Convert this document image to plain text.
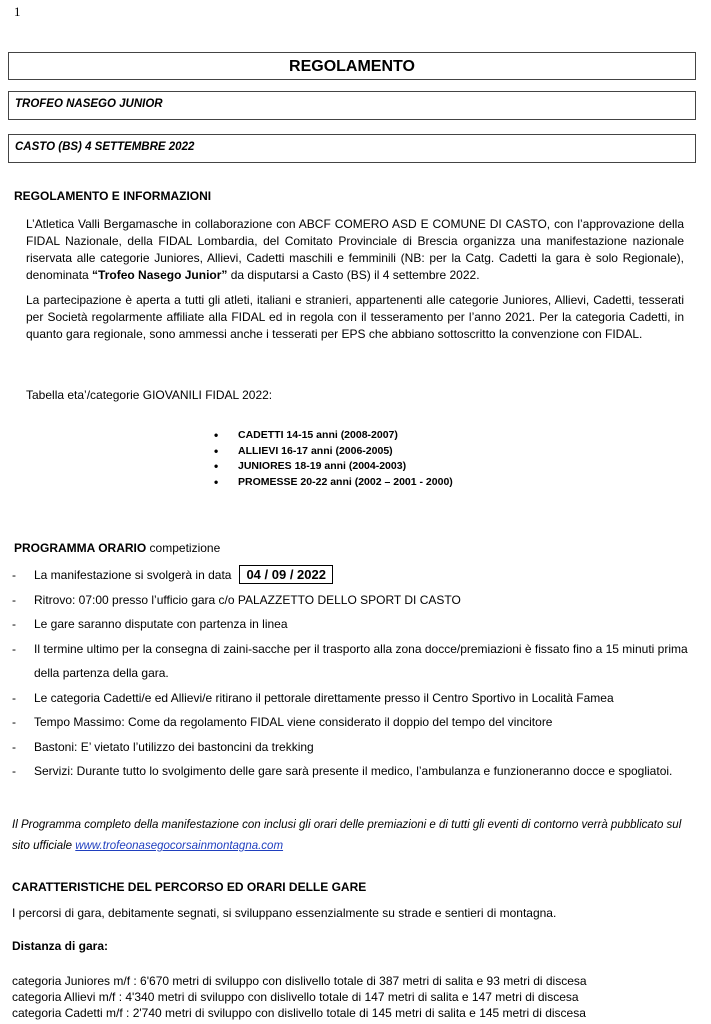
1
REGOLAMENTO
TROFEO NASEGO JUNIOR
CASTO (BS) 4 SETTEMBRE 2022
REGOLAMENTO E INFORMAZIONI
L’Atletica Valli Bergamasche in collaborazione con ABCF COMERO ASD E COMUNE DI CASTO, con l’approvazione della FIDAL Nazionale, della FIDAL Lombardia, del Comitato Provinciale di Brescia organizza una manifestazione nazionale riservata alle categorie Juniores, Allievi, Cadetti maschili e femminili (NB: per la Catg. Cadetti la gara è solo Regionale), denominata “Trofeo Nasego Junior” da disputarsi a Casto (BS) il 4 settembre 2022.
La partecipazione è aperta a tutti gli atleti, italiani e stranieri, appartenenti alle categorie Juniores, Allievi, Cadetti, tesserati per Società regolarmente affiliate alla FIDAL ed in regola con il tesseramento per l’anno 2021. Per la categoria Cadetti, in quanto gara regionale, sono ammessi anche i tesserati per EPS che abbiano sottoscritto la convenzione con FIDAL.
Tabella eta’/categorie GIOVANILI FIDAL 2022:
• CADETTI 14-15 anni (2008-2007)
• ALLIEVI 16-17 anni (2006-2005)
• JUNIORES 18-19 anni (2004-2003)
• PROMESSE 20-22 anni (2002 – 2001 - 2000)
PROGRAMMA ORARIO competizione
- La manifestazione si svolgerà in data 04 / 09 / 2022
- Ritrovo: 07:00 presso l’ufficio gara c/o PALAZZETTO DELLO SPORT DI CASTO
- Le gare saranno disputate con partenza in linea
- Il termine ultimo per la consegna di zaini-sacche per il trasporto alla zona docce/premiazioni è fissato fino a 15 minuti prima della partenza della gara.
- Le categoria Cadetti/e ed Allievi/e ritirano il pettorale direttamente presso il Centro Sportivo in Località Famea
- Tempo Massimo: Come da regolamento FIDAL viene considerato il doppio del tempo del vincitore
- Bastoni: E’ vietato l’utilizzo dei bastoncini da trekking
- Servizi: Durante tutto lo svolgimento delle gare sarà presente il medico, l’ambulanza e funzioneranno docce e spogliatoi.
Il Programma completo della manifestazione con inclusi gli orari delle premiazioni e di tutti gli eventi di contorno verrà pubblicato sul sito ufficiale www.trofeonasegocorsainmontagna.com
CARATTERISTICHE DEL PERCORSO ED ORARI DELLE GARE
I percorsi di gara, debitamente segnati, si sviluppano essenzialmente su strade e sentieri di montagna.
Distanza di gara:
categoria Juniores m/f : 6'670 metri di sviluppo con dislivello totale di 387 metri di salita e 93 metri di discesa
categoria Allievi m/f : 4'340 metri di sviluppo con dislivello totale di 147 metri di salita e 147 metri di discesa
categoria Cadetti m/f : 2'740 metri di sviluppo con dislivello totale di 145 metri di salita e 145 metri di discesa
